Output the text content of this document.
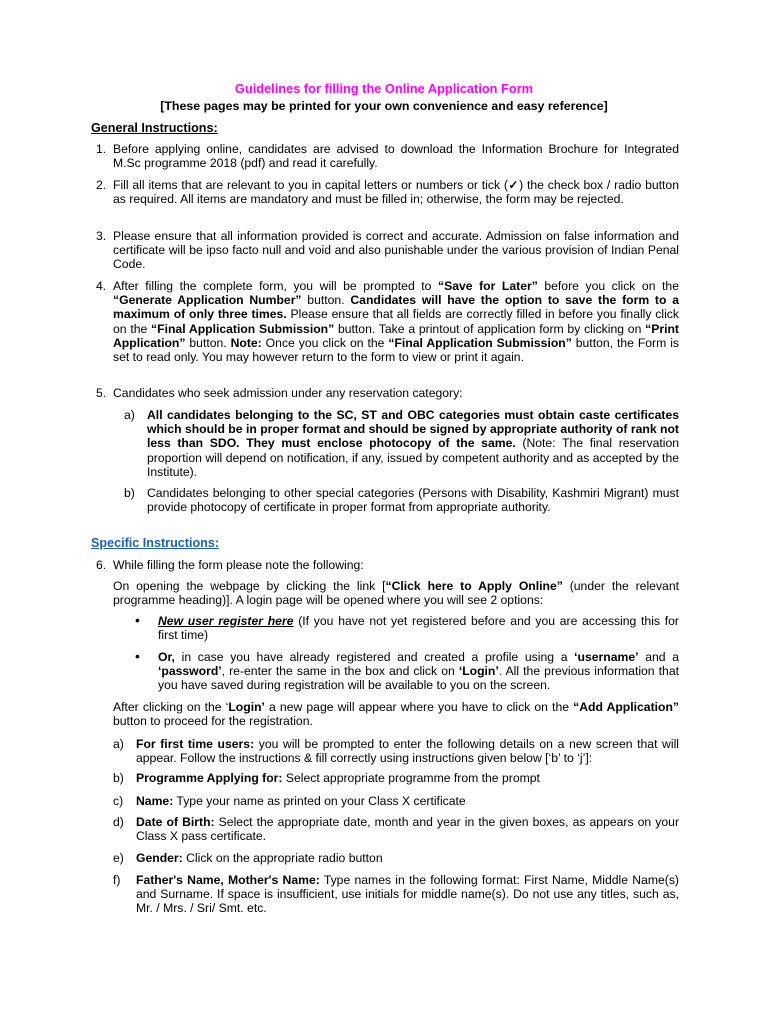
Guidelines for filling the Online Application Form
[These pages may be printed for your own convenience and easy reference]
General Instructions:
1. Before applying online, candidates are advised to download the Information Brochure for Integrated M.Sc programme 2018 (pdf) and read it carefully.
2. Fill all items that are relevant to you in capital letters or numbers or tick (✓) the check box / radio button as required. All items are mandatory and must be filled in; otherwise, the form may be rejected.
3. Please ensure that all information provided is correct and accurate. Admission on false information and certificate will be ipso facto null and void and also punishable under the various provision of Indian Penal Code.
4. After filling the complete form, you will be prompted to “Save for Later” before you click on the “Generate Application Number” button. Candidates will have the option to save the form to a maximum of only three times. Please ensure that all fields are correctly filled in before you finally click on the “Final Application Submission” button. Take a printout of application form by clicking on “Print Application” button. Note: Once you click on the “Final Application Submission” button, the Form is set to read only. You may however return to the form to view or print it again.
5. Candidates who seek admission under any reservation category:
a) All candidates belonging to the SC, ST and OBC categories must obtain caste certificates which should be in proper format and should be signed by appropriate authority of rank not less than SDO. They must enclose photocopy of the same. (Note: The final reservation proportion will depend on notification, if any, issued by competent authority and as accepted by the Institute).
b) Candidates belonging to other special categories (Persons with Disability, Kashmiri Migrant) must provide photocopy of certificate in proper format from appropriate authority.
Specific Instructions:
6. While filling the form please note the following:
On opening the webpage by clicking the link [“Click here to Apply Online” (under the relevant programme heading)]. A login page will be opened where you will see 2 options:
• New user register here (If you have not yet registered before and you are accessing this for first time)
• Or, in case you have already registered and created a profile using a ‘username’ and a ‘password’, re-enter the same in the box and click on ‘Login’. All the previous information that you have saved during registration will be available to you on the screen.
After clicking on the ‘Login’ a new page will appear where you have to click on the “Add Application” button to proceed for the registration.
a) For first time users: you will be prompted to enter the following details on a new screen that will appear. Follow the instructions & fill correctly using instructions given below [‘b’ to ‘j’]:
b) Programme Applying for: Select appropriate programme from the prompt
c) Name: Type your name as printed on your Class X certificate
d) Date of Birth: Select the appropriate date, month and year in the given boxes, as appears on your Class X pass certificate.
e) Gender: Click on the appropriate radio button
f) Father's Name, Mother's Name: Type names in the following format: First Name, Middle Name(s) and Surname. If space is insufficient, use initials for middle name(s). Do not use any titles, such as, Mr. / Mrs. / Sri/ Smt. etc.
